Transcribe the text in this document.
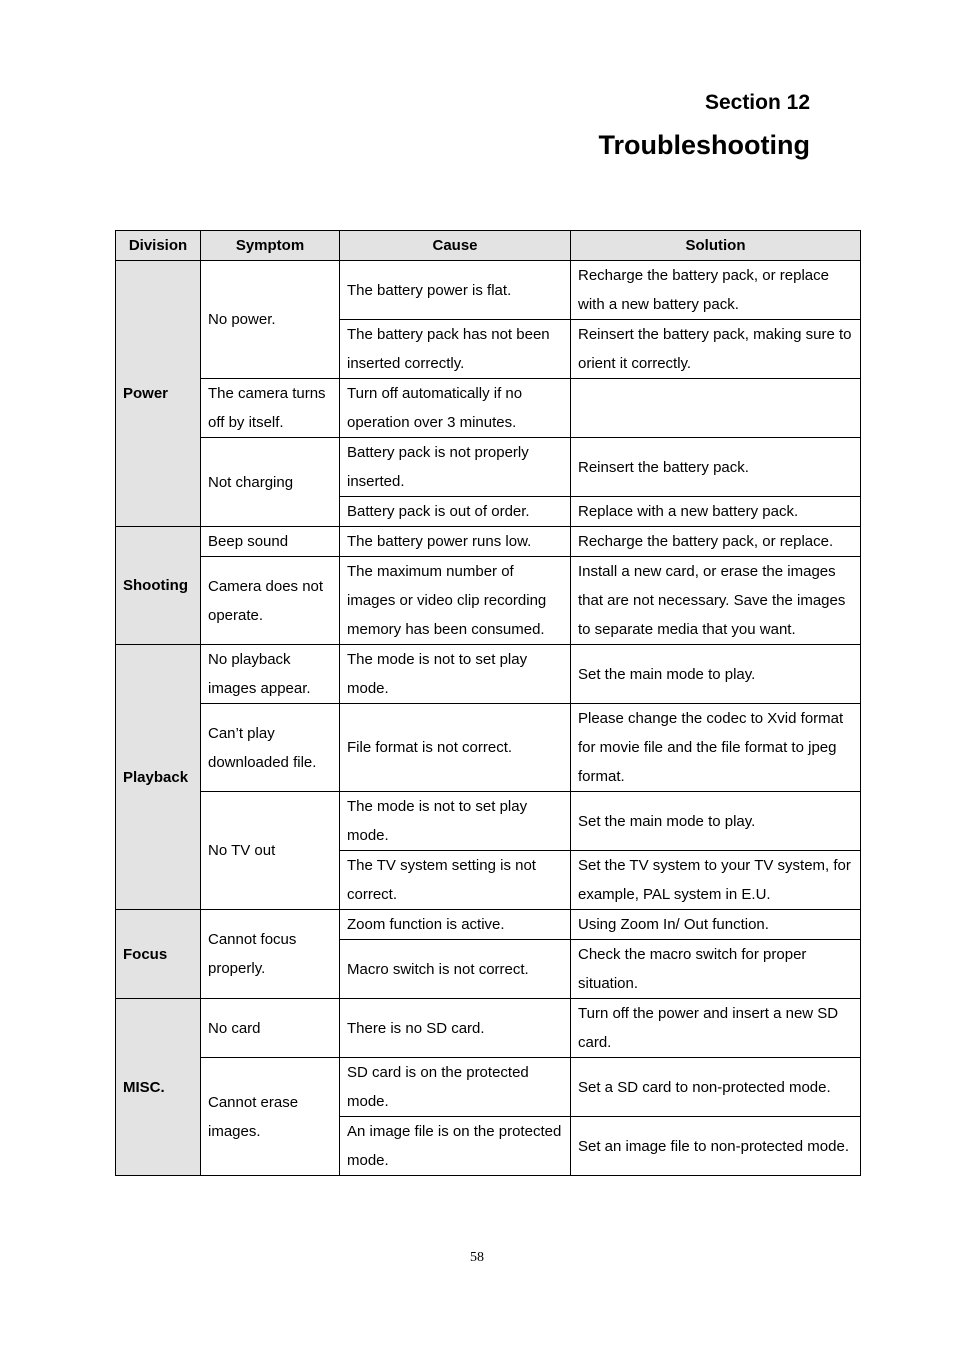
Section 12
Troubleshooting
Division	Symptom	Cause	Solution
Power	No power.	The battery power is flat.	Recharge the battery pack, or replace with a new battery pack.
		The battery pack has not been inserted correctly.	Reinsert the battery pack, making sure to orient it correctly.
	The camera turns off by itself.	Turn off automatically if no operation over 3 minutes.	
	Not charging	Battery pack is not properly inserted.	Reinsert the battery pack.
		Battery pack is out of order.	Replace with a new battery pack.
Shooting	Beep sound	The battery power runs low.	Recharge the battery pack, or replace.
	Camera does not operate.	The maximum number of images or video clip recording memory has been consumed.	Install a new card, or erase the images that are not necessary. Save the images to separate media that you want.
Playback	No playback images appear.	The mode is not to set play mode.	Set the main mode to play.
	Can’t play downloaded file.	File format is not correct.	Please change the codec to Xvid format for movie file and the file format to jpeg format.
	No TV out	The mode is not to set play mode.	Set the main mode to play.
		The TV system setting is not correct.	Set the TV system to your TV system, for example, PAL system in E.U.
Focus	Cannot focus properly.	Zoom function is active.	Using Zoom In/ Out function.
		Macro switch is not correct.	Check the macro switch for proper situation.
MISC.	No card	There is no SD card.	Turn off the power and insert a new SD card.
	Cannot erase images.	SD card is on the protected mode.	Set a SD card to non-protected mode.
		An image file is on the protected mode.	Set an image file to non-protected mode.
58
